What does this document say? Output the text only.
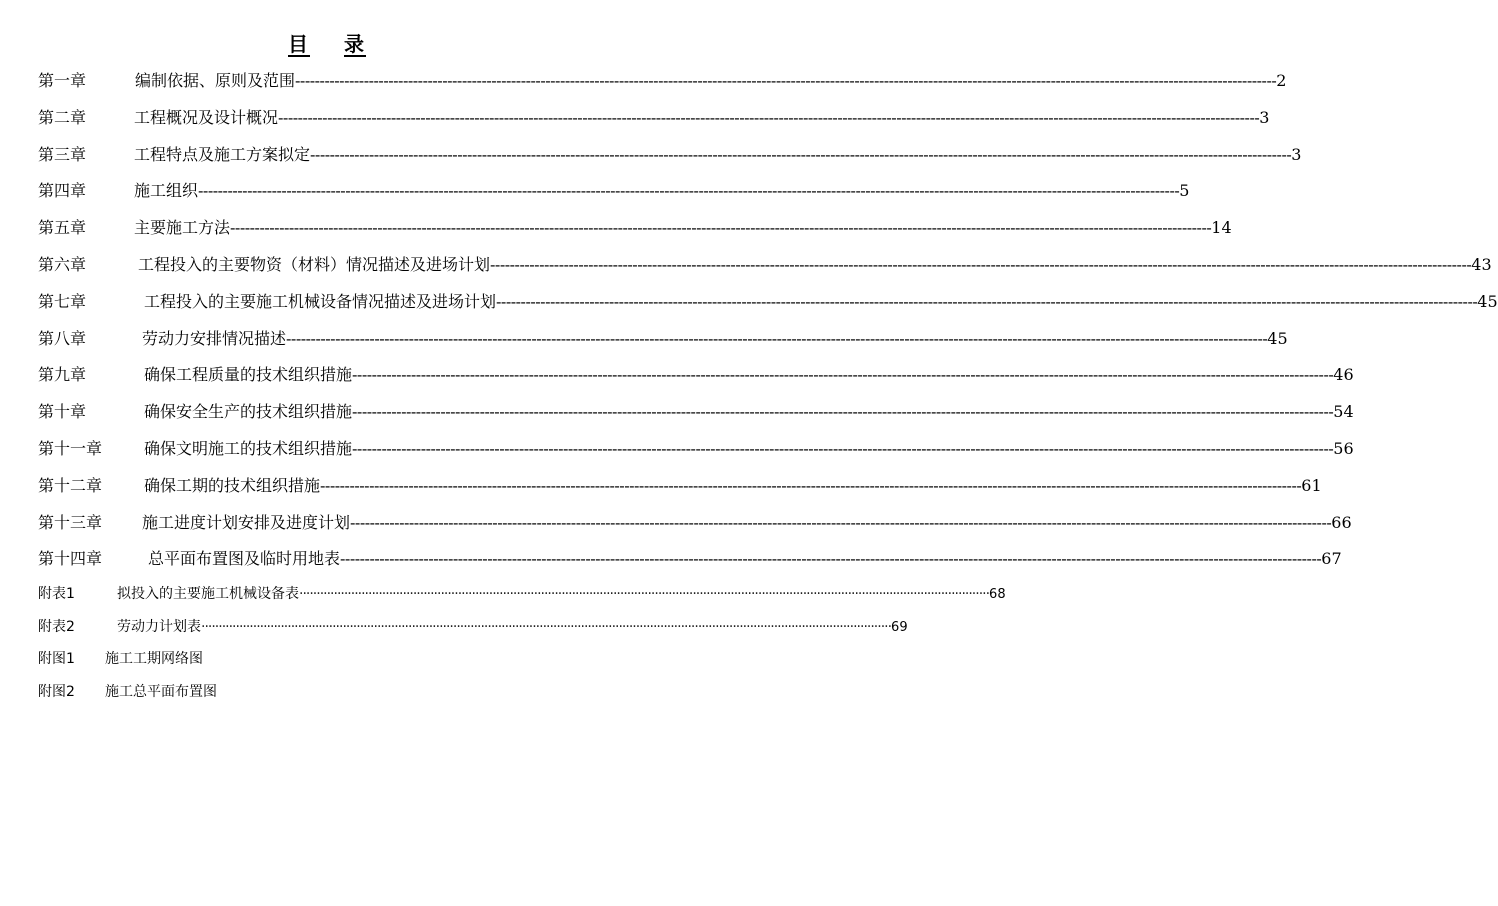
目 录
第一章	编制依据、原则及范围 -------------------------------------------------------------------------------------------------------------------------------------------------------------------------------------------------------- 2
第二章	工程概况及设计概况 -------------------------------------------------------------------------------------------------------------------------------------------------------------------------------------------------------- 3
第三章	工程特点及施工方案拟定 -------------------------------------------------------------------------------------------------------------------------------------------------------------------------------------------------------- 3
第四章	施工组织 -------------------------------------------------------------------------------------------------------------------------------------------------------------------------------------------------------- 5
第五章	主要施工方法 -------------------------------------------------------------------------------------------------------------------------------------------------------------------------------------------------------- 14
第六章	工程投入的主要物资（材料）情况描述及进场计划 -------------------------------------------------------------------------------------------------------------------------------------------------------------------------------------------------------- 43
第七章	工程投入的主要施工机械设备情况描述及进场计划 -------------------------------------------------------------------------------------------------------------------------------------------------------------------------------------------------------- 45
第八章	劳动力安排情况描述 -------------------------------------------------------------------------------------------------------------------------------------------------------------------------------------------------------- 45
第九章	确保工程质量的技术组织措施 -------------------------------------------------------------------------------------------------------------------------------------------------------------------------------------------------------- 46
第十章	确保安全生产的技术组织措施 -------------------------------------------------------------------------------------------------------------------------------------------------------------------------------------------------------- 54
第十一章	确保文明施工的技术组织措施 -------------------------------------------------------------------------------------------------------------------------------------------------------------------------------------------------------- 56
第十二章	确保工期的技术组织措施 -------------------------------------------------------------------------------------------------------------------------------------------------------------------------------------------------------- 61
第十三章	施工进度计划安排及进度计划 -------------------------------------------------------------------------------------------------------------------------------------------------------------------------------------------------------- 66
第十四章	总平面布置图及临时用地表 -------------------------------------------------------------------------------------------------------------------------------------------------------------------------------------------------------- 67
附表1	拟投入的主要施工机械设备表 ········································································································································································································ 68
附表2	劳动力计划表 ········································································································································································································ 69
附图1	施工工期网络图
附图2	施工总平面布置图
